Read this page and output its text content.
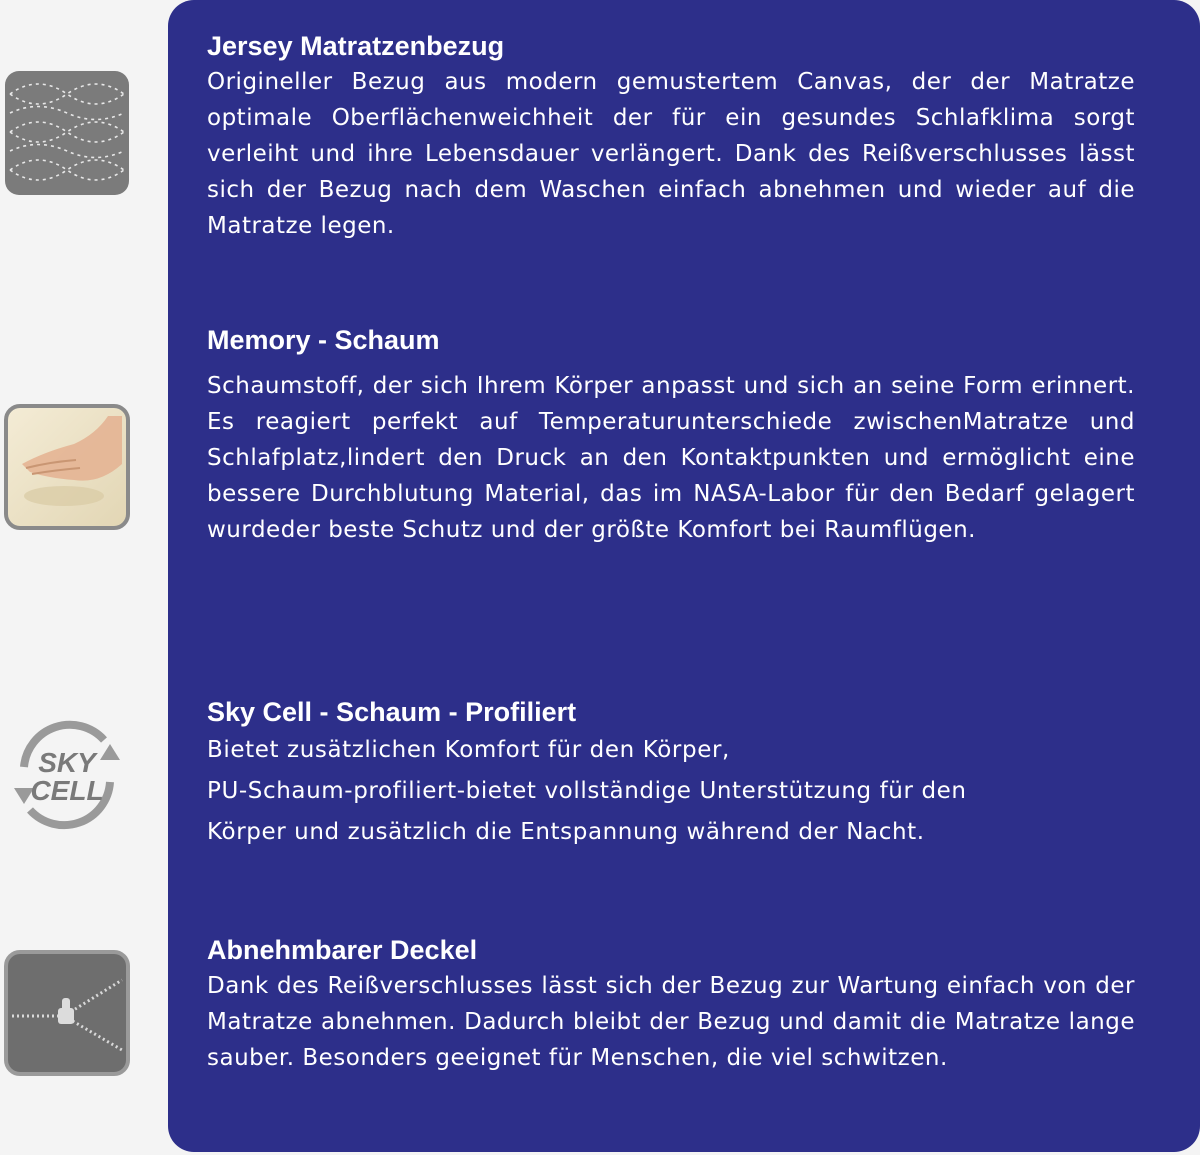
SKY
CELL
Jersey Matratzenbezug

Origineller Bezug aus modern gemustertem Canvas, der der Matratze optimale Oberflächenweichheit der für ein gesundes Schlafklima sorgt verleiht und ihre Lebensdauer verlängert. Dank des Reißverschlusses lässt sich der Bezug nach dem Waschen einfach abnehmen und wieder auf die Matratze legen.

Memory - Schaum

Schaumstoff, der sich Ihrem Körper anpasst und sich an seine Form erinnert. Es reagiert perfekt auf Temperaturunterschiede zwischenMatratze und Schlafplatz,lindert den Druck an den Kontaktpunkten und ermöglicht eine bessere Durchblutung Material, das im NASA-Labor für den Bedarf gelagert wurdeder beste Schutz und der größte Komfort bei Raumflügen.

Sky Cell - Schaum - Profiliert
Bietet zusätzlichen Komfort für den Körper,
PU-Schaum-profiliert-bietet vollständige Unterstützung für den
Körper und zusätzlich die Entspannung während der Nacht.
Abnehmbarer Deckel

Dank des Reißverschlusses lässt sich der Bezug zur Wartung einfach von der Matratze abnehmen. Dadurch bleibt der Bezug und damit die Matratze lange sauber. Besonders geeignet für Menschen, die viel schwitzen.
